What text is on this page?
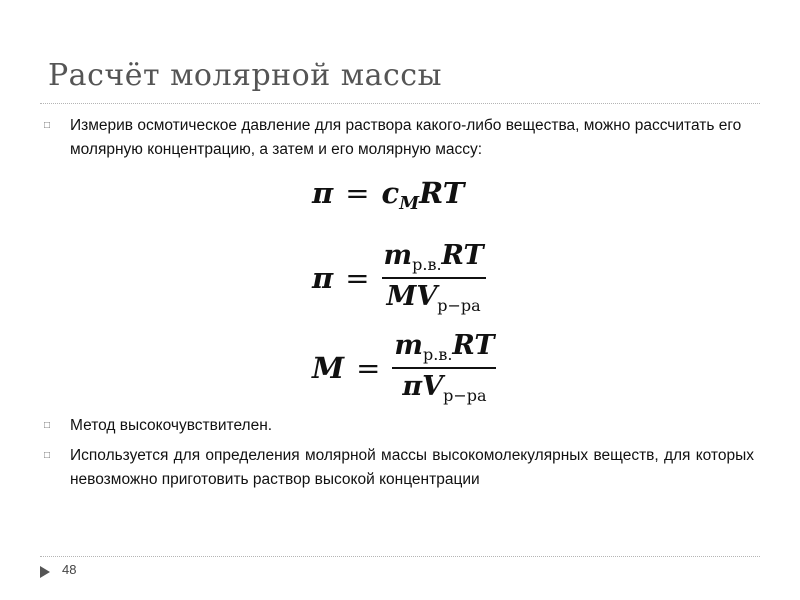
Расчёт молярной массы
□ Измерив осмотическое давление для раствора какого-либо вещества, можно рассчитать его молярную концентрацию, а затем и его молярную массу:
$\pi = c_MRT$
$\pi = \frac{m_{р.в.}RT}{MV_{р-ра}}$
$M = \frac{m_{р.в.}RT}{\pi V_{р-ра}}$
□ Метод высокочувствителен.
□ Используется для определения молярной массы высокомолекулярных веществ, для которых невозможно приготовить раствор высокой концентрации
48
